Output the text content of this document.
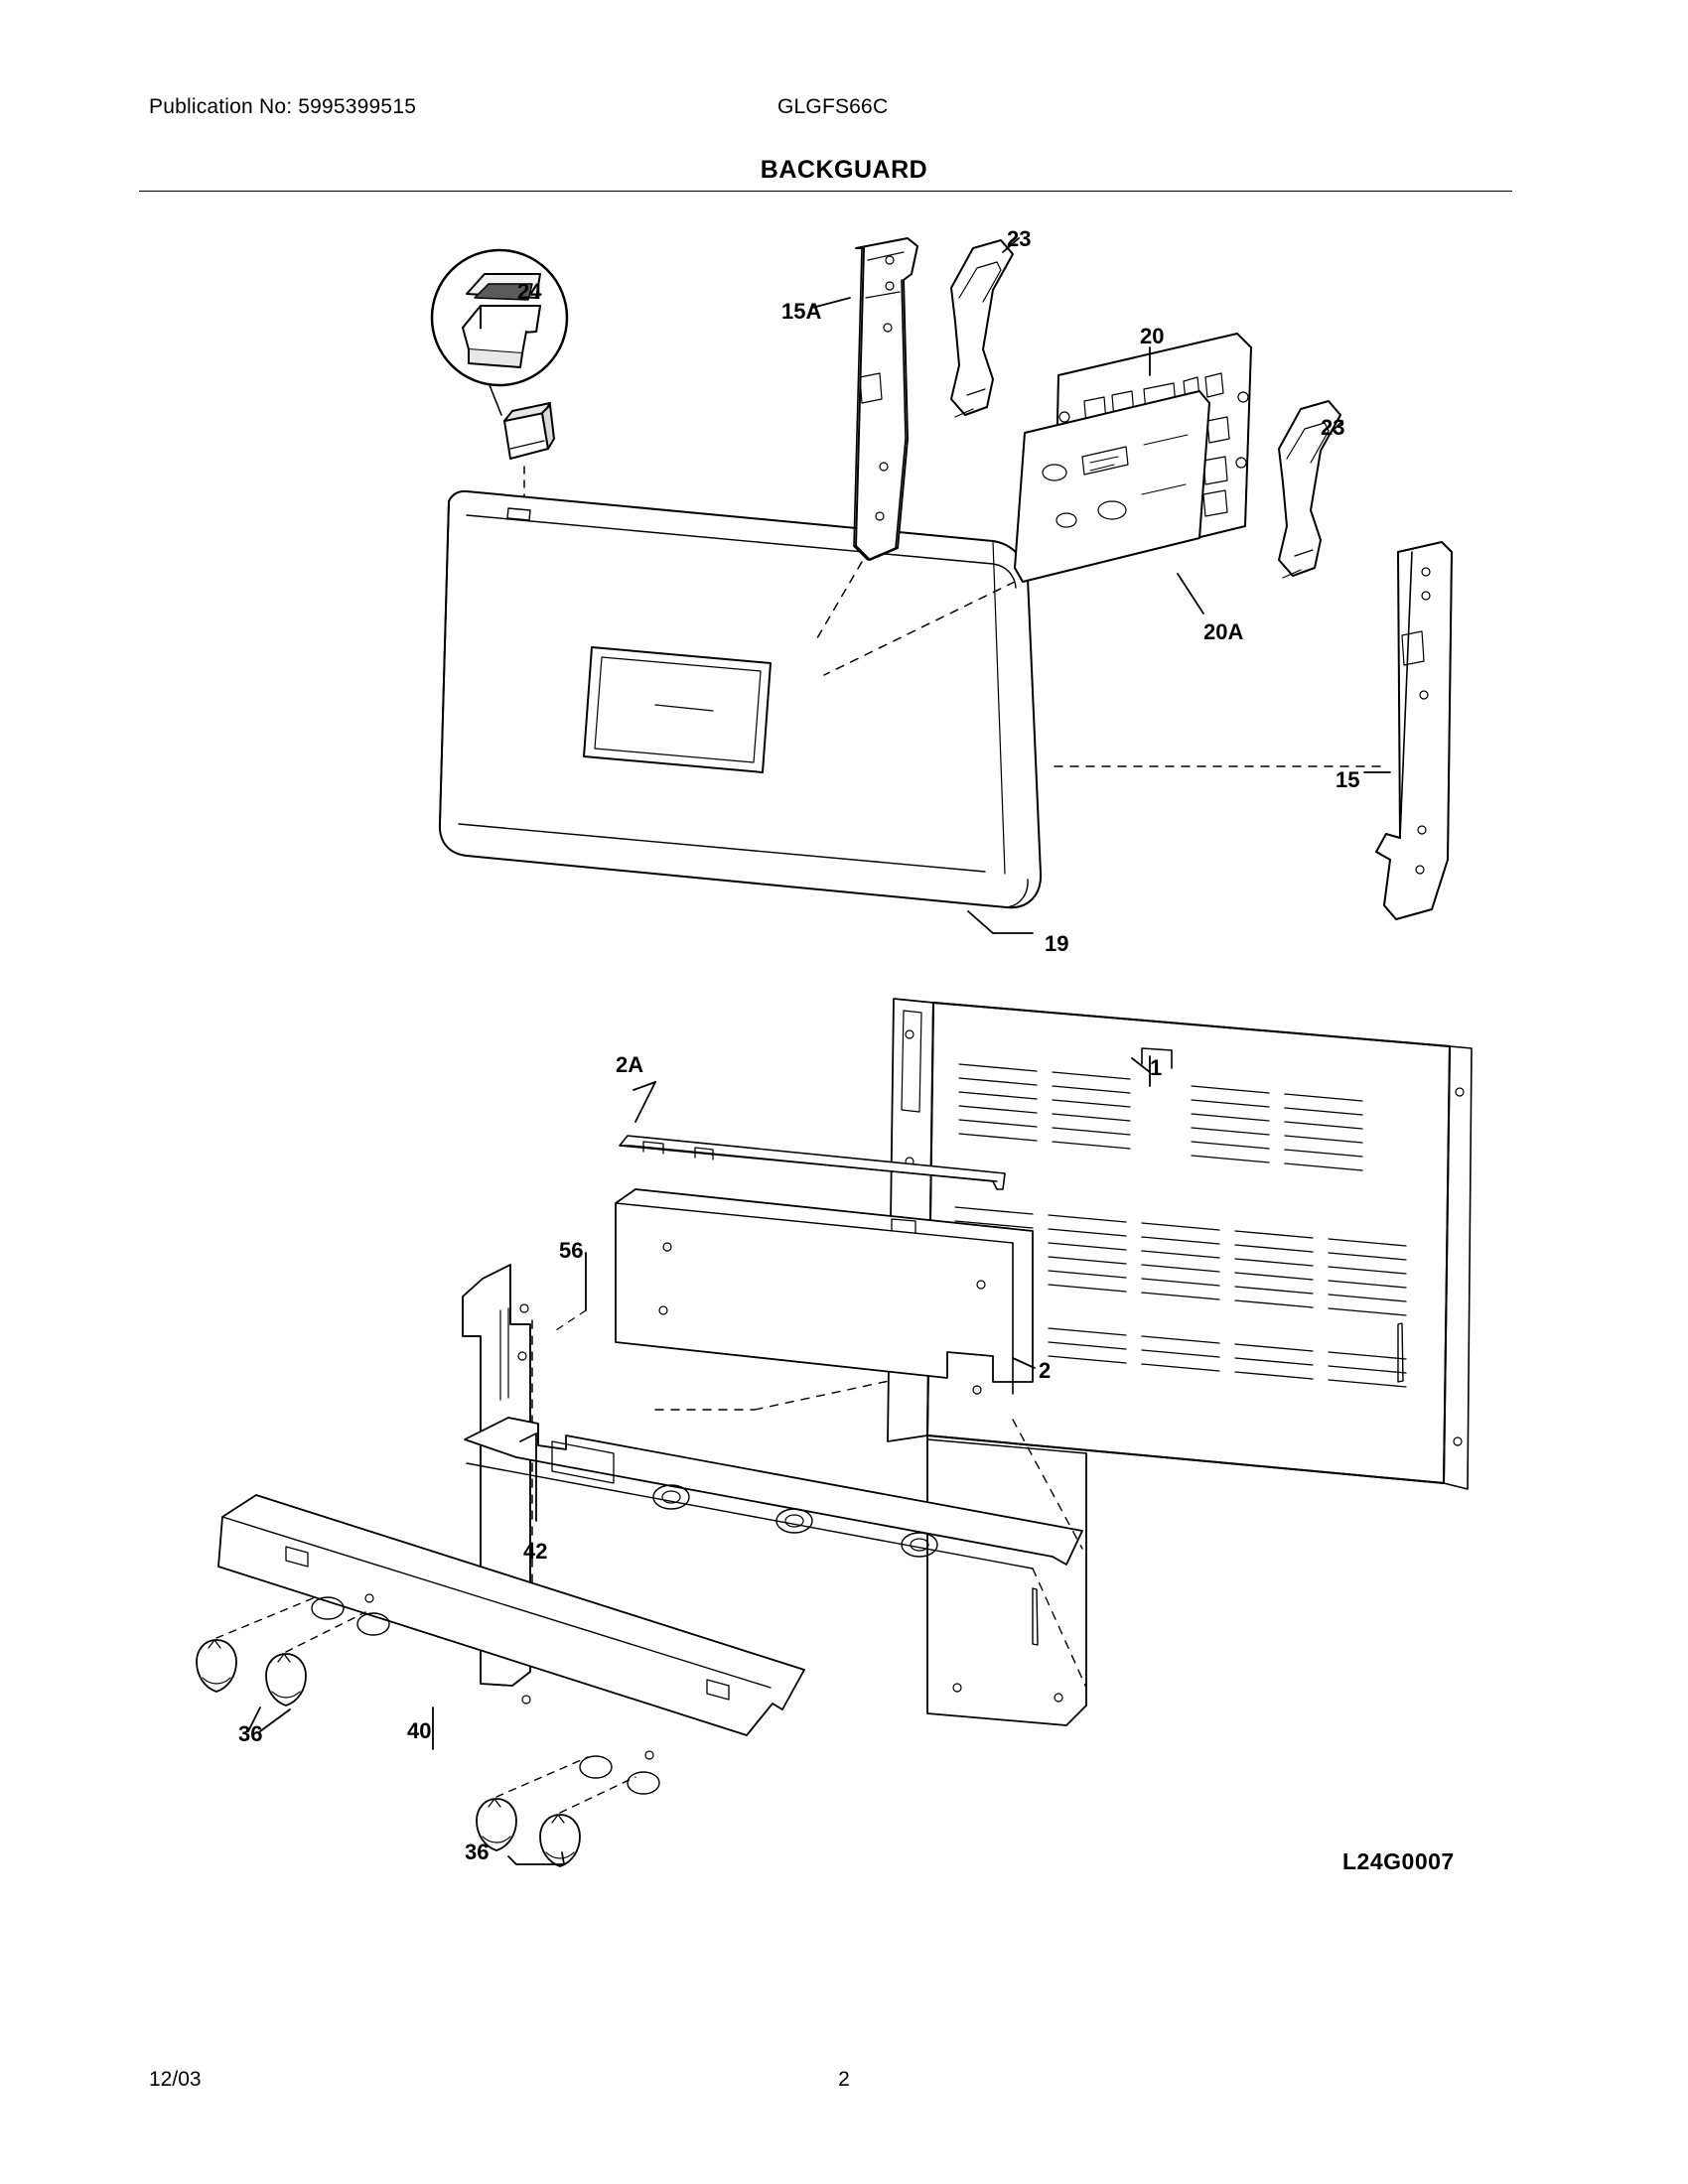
Publication No: 5995399515	GLGFS66C
BACKGUARD
24
15A
23
20
23
20A
15
19
2A	1
56
2
42
36	40
36	L24G0007
12/03	2
